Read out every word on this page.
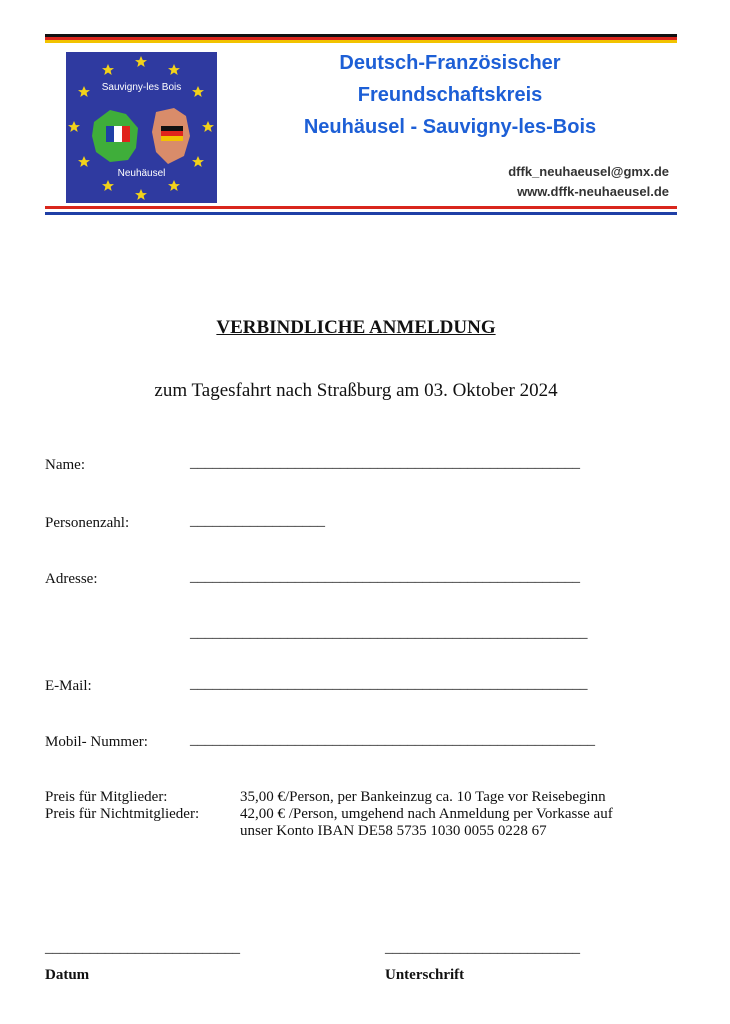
Sauvigny-les Bois
Neuhäusel
Deutsch-Französischer
Freundschaftskreis
Neuhäusel - Sauvigny-les-Bois
dffk_neuhaeusel@gmx.de
www.dffk-neuhaeusel.de
VERBINDLICHE ANMELDUNG
zum Tagesfahrt nach Straßburg am 03. Oktober 2024
Name:	____________________________________________________
Personenzahl:	__________________
Adresse:	____________________________________________________
_____________________________________________________
E-Mail:	_____________________________________________________
Mobil- Nummer:	______________________________________________________
Preis für Mitglieder:	35,00 €/Person, per Bankeinzug ca. 10 Tage vor Reisebeginn
Preis für Nichtmitglieder:	42,00 € /Person, umgehend nach Anmeldung per Vorkasse auf
unser Konto IBAN DE58 5735 1030 0055 0228 67
__________________________
Datum
__________________________
Unterschrift
